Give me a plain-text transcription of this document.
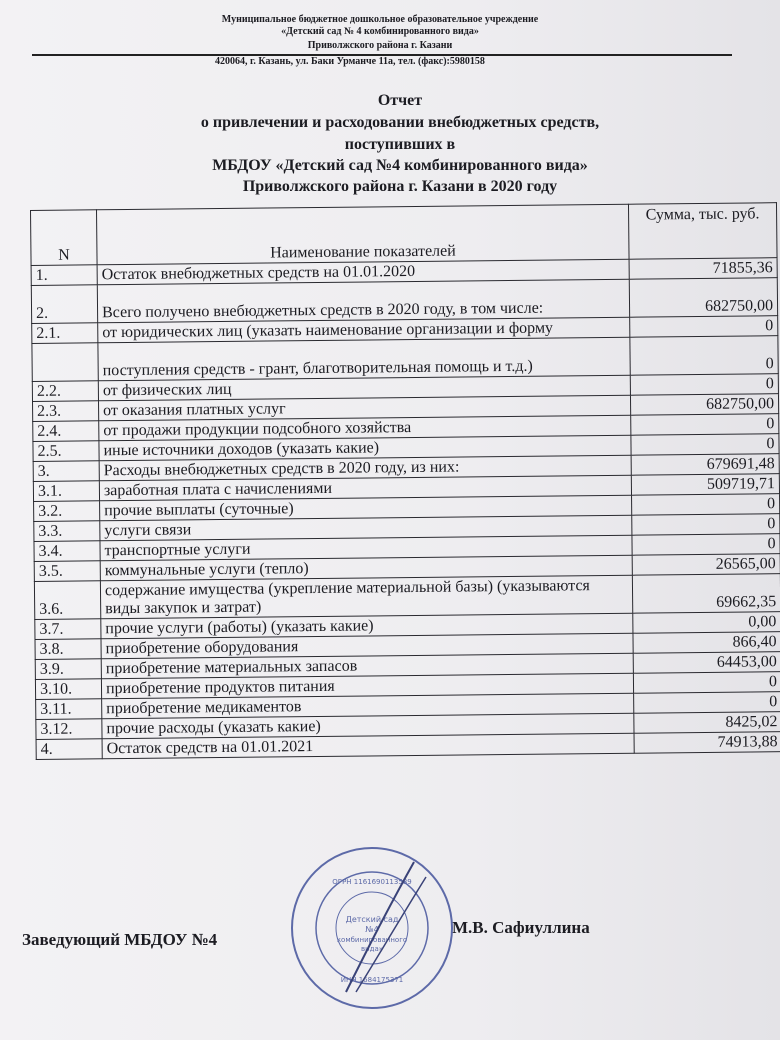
Муниципальное бюджетное дошкольное образовательное учреждение
«Детский сад № 4 комбинированного вида»
Приволжского района г. Казани
420064, г. Казань, ул. Баки Урманче 11а, тел. (факс):5980158
Отчет
о привлечении и расходовании внебюджетных средств,
поступивших в
МБДОУ «Детский сад №4 комбинированного вида»
Приволжского района г. Казани в 2020 году
N	Наименование показателей	Сумма, тыс. руб.
1.	Остаток внебюджетных средств на 01.01.2020	71855,36
2.	Всего получено внебюджетных средств в 2020 году, в том числе:	682750,00
2.1.	от юридических лиц (указать наименование организации и форму	0
	поступления средств - грант, благотворительная помощь и т.д.)	0
2.2.	от физических лиц	0
2.3.	от оказания платных услуг	682750,00
2.4.	от продажи продукции подсобного хозяйства	0
2.5.	иные источники доходов (указать какие)	0
3.	Расходы внебюджетных средств в 2020 году, из них:	679691,48
3.1.	заработная плата с начислениями	509719,71
3.2.	прочие выплаты (суточные)	0
3.3.	услуги связи	0
3.4.	транспортные услуги	0
3.5.	коммунальные услуги (тепло)	26565,00
3.6.	содержание имущества (укрепление материальной базы) (указываются виды закупок и затрат)	69662,35
3.7.	прочие услуги (работы) (указать какие)	0,00
3.8.	приобретение оборудования	866,40
3.9.	приобретение материальных запасов	64453,00
3.10.	приобретение продуктов питания	0
3.11.	приобретение медикаментов	0
3.12.	прочие расходы (указать какие)	8425,02
4.	Остаток средств на 01.01.2021	74913,88
Заведующий МБДОУ №4
М.В. Сафиуллина
Детский сад
№4
комбинированного
вида»
ОГРН 1161690113589
ИНН 1684175371
